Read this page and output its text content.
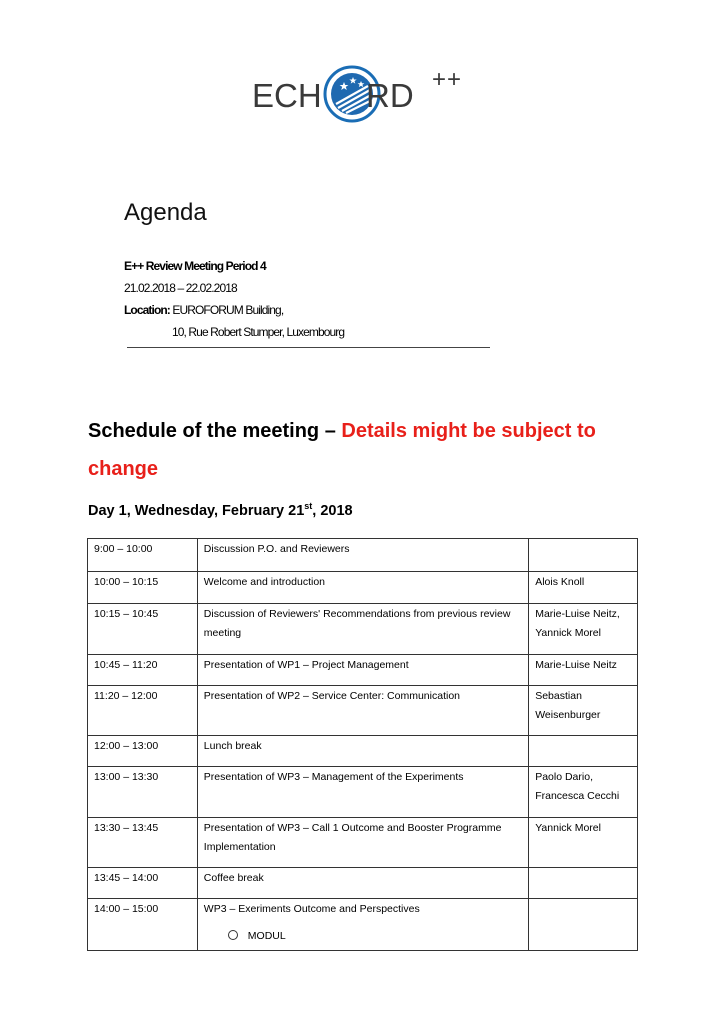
ECH RD ++
Agenda
E++ Review Meeting Period 4
21.02.2018 – 22.02.2018
Location: EUROFORUM Building,
10, Rue Robert Stumper, Luxembourg
Schedule of the meeting – Details might be subject to change
Day 1, Wednesday, February 21st, 2018
9:00 – 10:00	Discussion P.O. and Reviewers	
10:00 – 10:15	Welcome and introduction	Alois Knoll
10:15 – 10:45	Discussion of Reviewers' Recommendations from previous review meeting	Marie-Luise Neitz, Yannick Morel
10:45 – 11:20	Presentation of WP1 – Project Management	Marie-Luise Neitz
11:20 – 12:00	Presentation of WP2 – Service Center: Communication	Sebastian Weisenburger
12:00 – 13:00	Lunch break	
13:00 – 13:30	Presentation of WP3 – Management of the Experiments	Paolo Dario, Francesca Cecchi
13:30 – 13:45	Presentation of WP3 – Call 1 Outcome and Booster Programme Implementation	Yannick Morel
13:45 – 14:00	Coffee break	
14:00 – 15:00	WP3 – Exeriments Outcome and Perspectives
MODUL	
